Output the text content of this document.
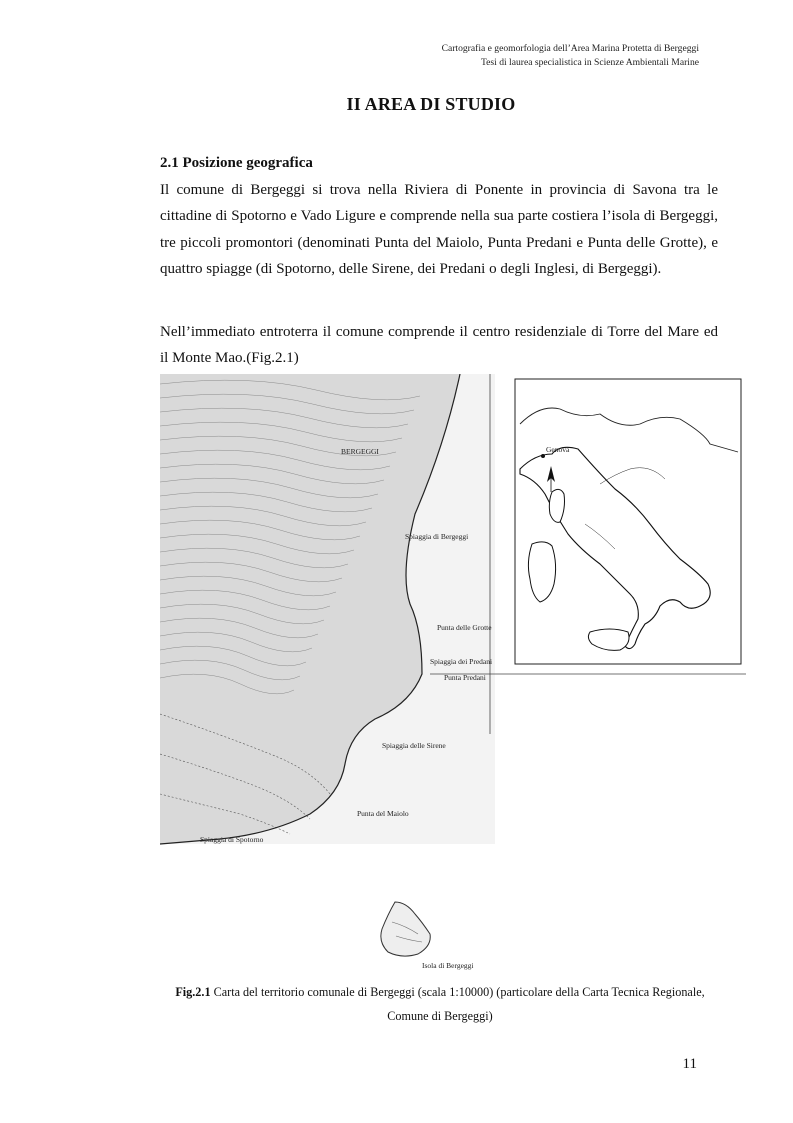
Cartografia e geomorfologia dell’Area Marina Protetta di Bergeggi
Tesi di laurea specialistica in Scienze Ambientali Marine
II AREA DI STUDIO
2.1 Posizione geografica
Il comune di Bergeggi si trova nella Riviera di Ponente in provincia di Savona tra le cittadine di Spotorno e Vado Ligure e comprende nella sua parte costiera l’isola di Bergeggi, tre piccoli promontori (denominati Punta del Maiolo, Punta Predani e Punta delle Grotte), e quattro spiagge (di Spotorno, delle Sirene, dei Predani o degli Inglesi, di Bergeggi).
Nell’immediato entroterra il comune comprende il centro residenziale di Torre del Mare ed il Monte Mao.(Fig.2.1)
BERGEGGI
Spiaggia di Bergeggi
Punta delle Grotte
Spiaggia dei Predani
Punta Predani
Spiaggia delle Sirene
Punta del Maiolo
Spiaggia di Spotorno
Isola di Bergeggi
Genova
Fig.2.1 Carta del territorio comunale di Bergeggi (scala 1:10000) (particolare della Carta Tecnica Regionale, Comune di Bergeggi)
11
